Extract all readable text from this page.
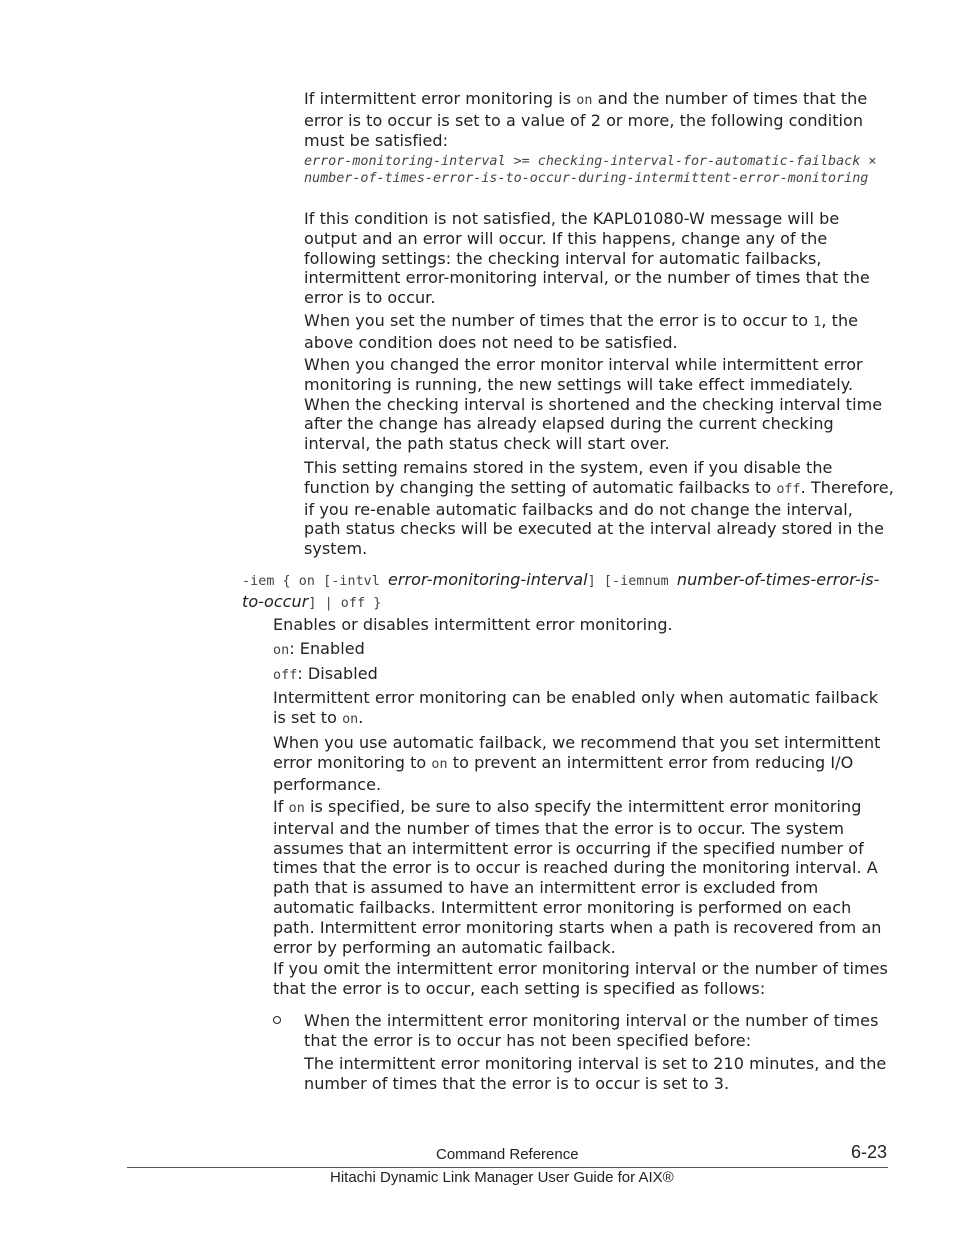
If intermittent error monitoring is on and the number of times that the error is to occur is set to a value of 2 or more, the following condition must be satisfied:

error-monitoring-interval >= checking-interval-for-automatic-failback × number-of-times-error-is-to-occur-during-intermittent-error-monitoring

If this condition is not satisfied, the KAPL01080-W message will be output and an error will occur. If this happens, change any of the following settings: the checking interval for automatic failbacks, intermittent error-monitoring interval, or the number of times that the error is to occur.

When you set the number of times that the error is to occur to 1, the above condition does not need to be satisfied.

When you changed the error monitor interval while intermittent error monitoring is running, the new settings will take effect immediately. When the checking interval is shortened and the checking interval time after the change has already elapsed during the current checking interval, the path status check will start over.

This setting remains stored in the system, even if you disable the function by changing the setting of automatic failbacks to off. Therefore, if you re-enable automatic failbacks and do not change the interval, path status checks will be executed at the interval already stored in the system.

-iem { on [-intvl error-monitoring-interval] [-iemnum number-of-times-error-is-to-occur] | off }

Enables or disables intermittent error monitoring.

on: Enabled

off: Disabled

Intermittent error monitoring can be enabled only when automatic failback is set to on.

When you use automatic failback, we recommend that you set intermittent error monitoring to on to prevent an intermittent error from reducing I/O performance.

If on is specified, be sure to also specify the intermittent error monitoring interval and the number of times that the error is to occur. The system assumes that an intermittent error is occurring if the specified number of times that the error is to occur is reached during the monitoring interval. A path that is assumed to have an intermittent error is excluded from automatic failbacks. Intermittent error monitoring is performed on each path. Intermittent error monitoring starts when a path is recovered from an error by performing an automatic failback.

If you omit the intermittent error monitoring interval or the number of times that the error is to occur, each setting is specified as follows:

When the intermittent error monitoring interval or the number of times that the error is to occur has not been specified before:

The intermittent error monitoring interval is set to 210 minutes, and the number of times that the error is to occur is set to 3.

Command Reference	6-23
Hitachi Dynamic Link Manager User Guide for AIX®
